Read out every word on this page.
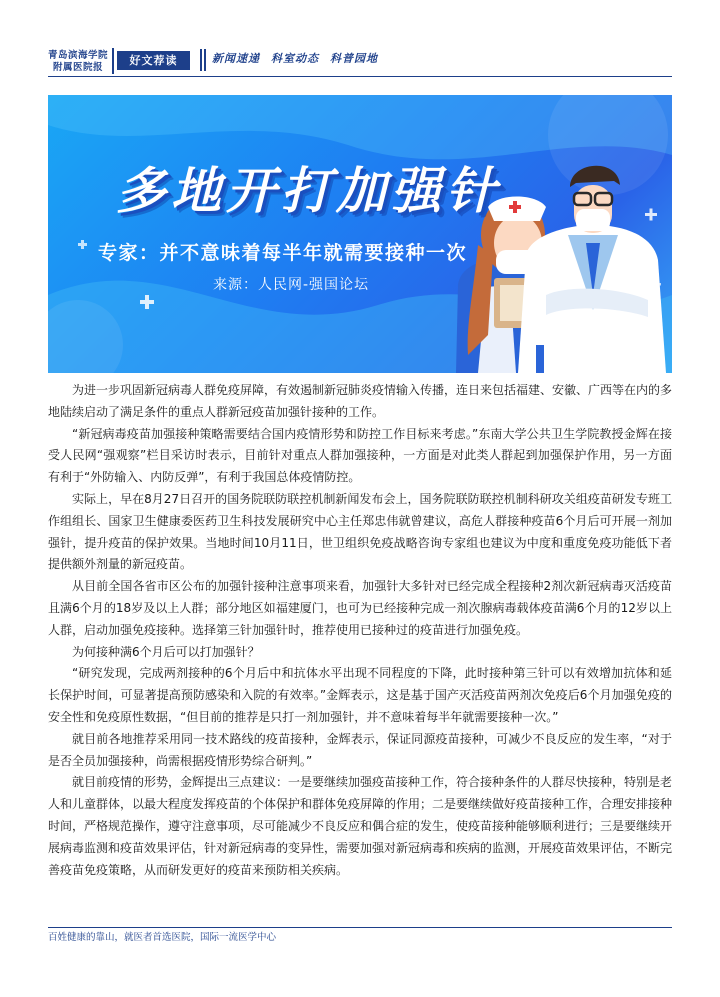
青岛滨海学院
附属医院报
好文荐读	新闻速递 科室动态 科普园地
多地开打加强针
专家：并不意味着每半年就需要接种一次
来源：人民网-强国论坛

为进一步巩固新冠病毒人群免疫屏障，有效遏制新冠肺炎疫情输入传播，连日来包括福建、安徽、广西等在内的多地陆续启动了满足条件的重点人群新冠疫苗加强针接种的工作。

“新冠病毒疫苗加强接种策略需要结合国内疫情形势和防控工作目标来考虑。”东南大学公共卫生学院教授金辉在接受人民网“强观察”栏目采访时表示，目前针对重点人群加强接种，一方面是对此类人群起到加强保护作用，另一方面有利于“外防输入、内防反弹”，有利于我国总体疫情防控。

实际上，早在8月27日召开的国务院联防联控机制新闻发布会上，国务院联防联控机制科研攻关组疫苗研发专班工作组组长、国家卫生健康委医药卫生科技发展研究中心主任郑忠伟就曾建议，高危人群接种疫苗6个月后可开展一剂加强针，提升疫苗的保护效果。当地时间10月11日，世卫组织免疫战略咨询专家组也建议为中度和重度免疫功能低下者提供额外剂量的新冠疫苗。

从目前全国各省市区公布的加强针接种注意事项来看，加强针大多针对已经完成全程接种2剂次新冠病毒灭活疫苗且满6个月的18岁及以上人群；部分地区如福建厦门，也可为已经接种完成一剂次腺病毒载体疫苗满6个月的12岁以上人群，启动加强免疫接种。选择第三针加强针时，推荐使用已接种过的疫苗进行加强免疫。

为何接种满6个月后可以打加强针？

“研究发现，完成两剂接种的6个月后中和抗体水平出现不同程度的下降，此时接种第三针可以有效增加抗体和延长保护时间，可显著提高预防感染和入院的有效率。”金辉表示，这是基于国产灭活疫苗两剂次免疫后6个月加强免疫的安全性和免疫原性数据，“但目前的推荐是只打一剂加强针，并不意味着每半年就需要接种一次。”

就目前各地推荐采用同一技术路线的疫苗接种，金辉表示，保证同源疫苗接种，可减少不良反应的发生率，“对于是否全员加强接种，尚需根据疫情形势综合研判。”

就目前疫情的形势，金辉提出三点建议：一是要继续加强疫苗接种工作，符合接种条件的人群尽快接种，特别是老人和儿童群体，以最大程度发挥疫苗的个体保护和群体免疫屏障的作用；二是要继续做好疫苗接种工作，合理安排接种时间，严格规范操作，遵守注意事项，尽可能减少不良反应和偶合症的发生，使疫苗接种能够顺利进行；三是要继续开展病毒监测和疫苗效果评估，针对新冠病毒的变异性，需要加强对新冠病毒和疾病的监测，开展疫苗效果评估，不断完善疫苗免疫策略，从而研发更好的疫苗来预防相关疾病。

百姓健康的靠山，就医者首选医院，国际一流医学中心
